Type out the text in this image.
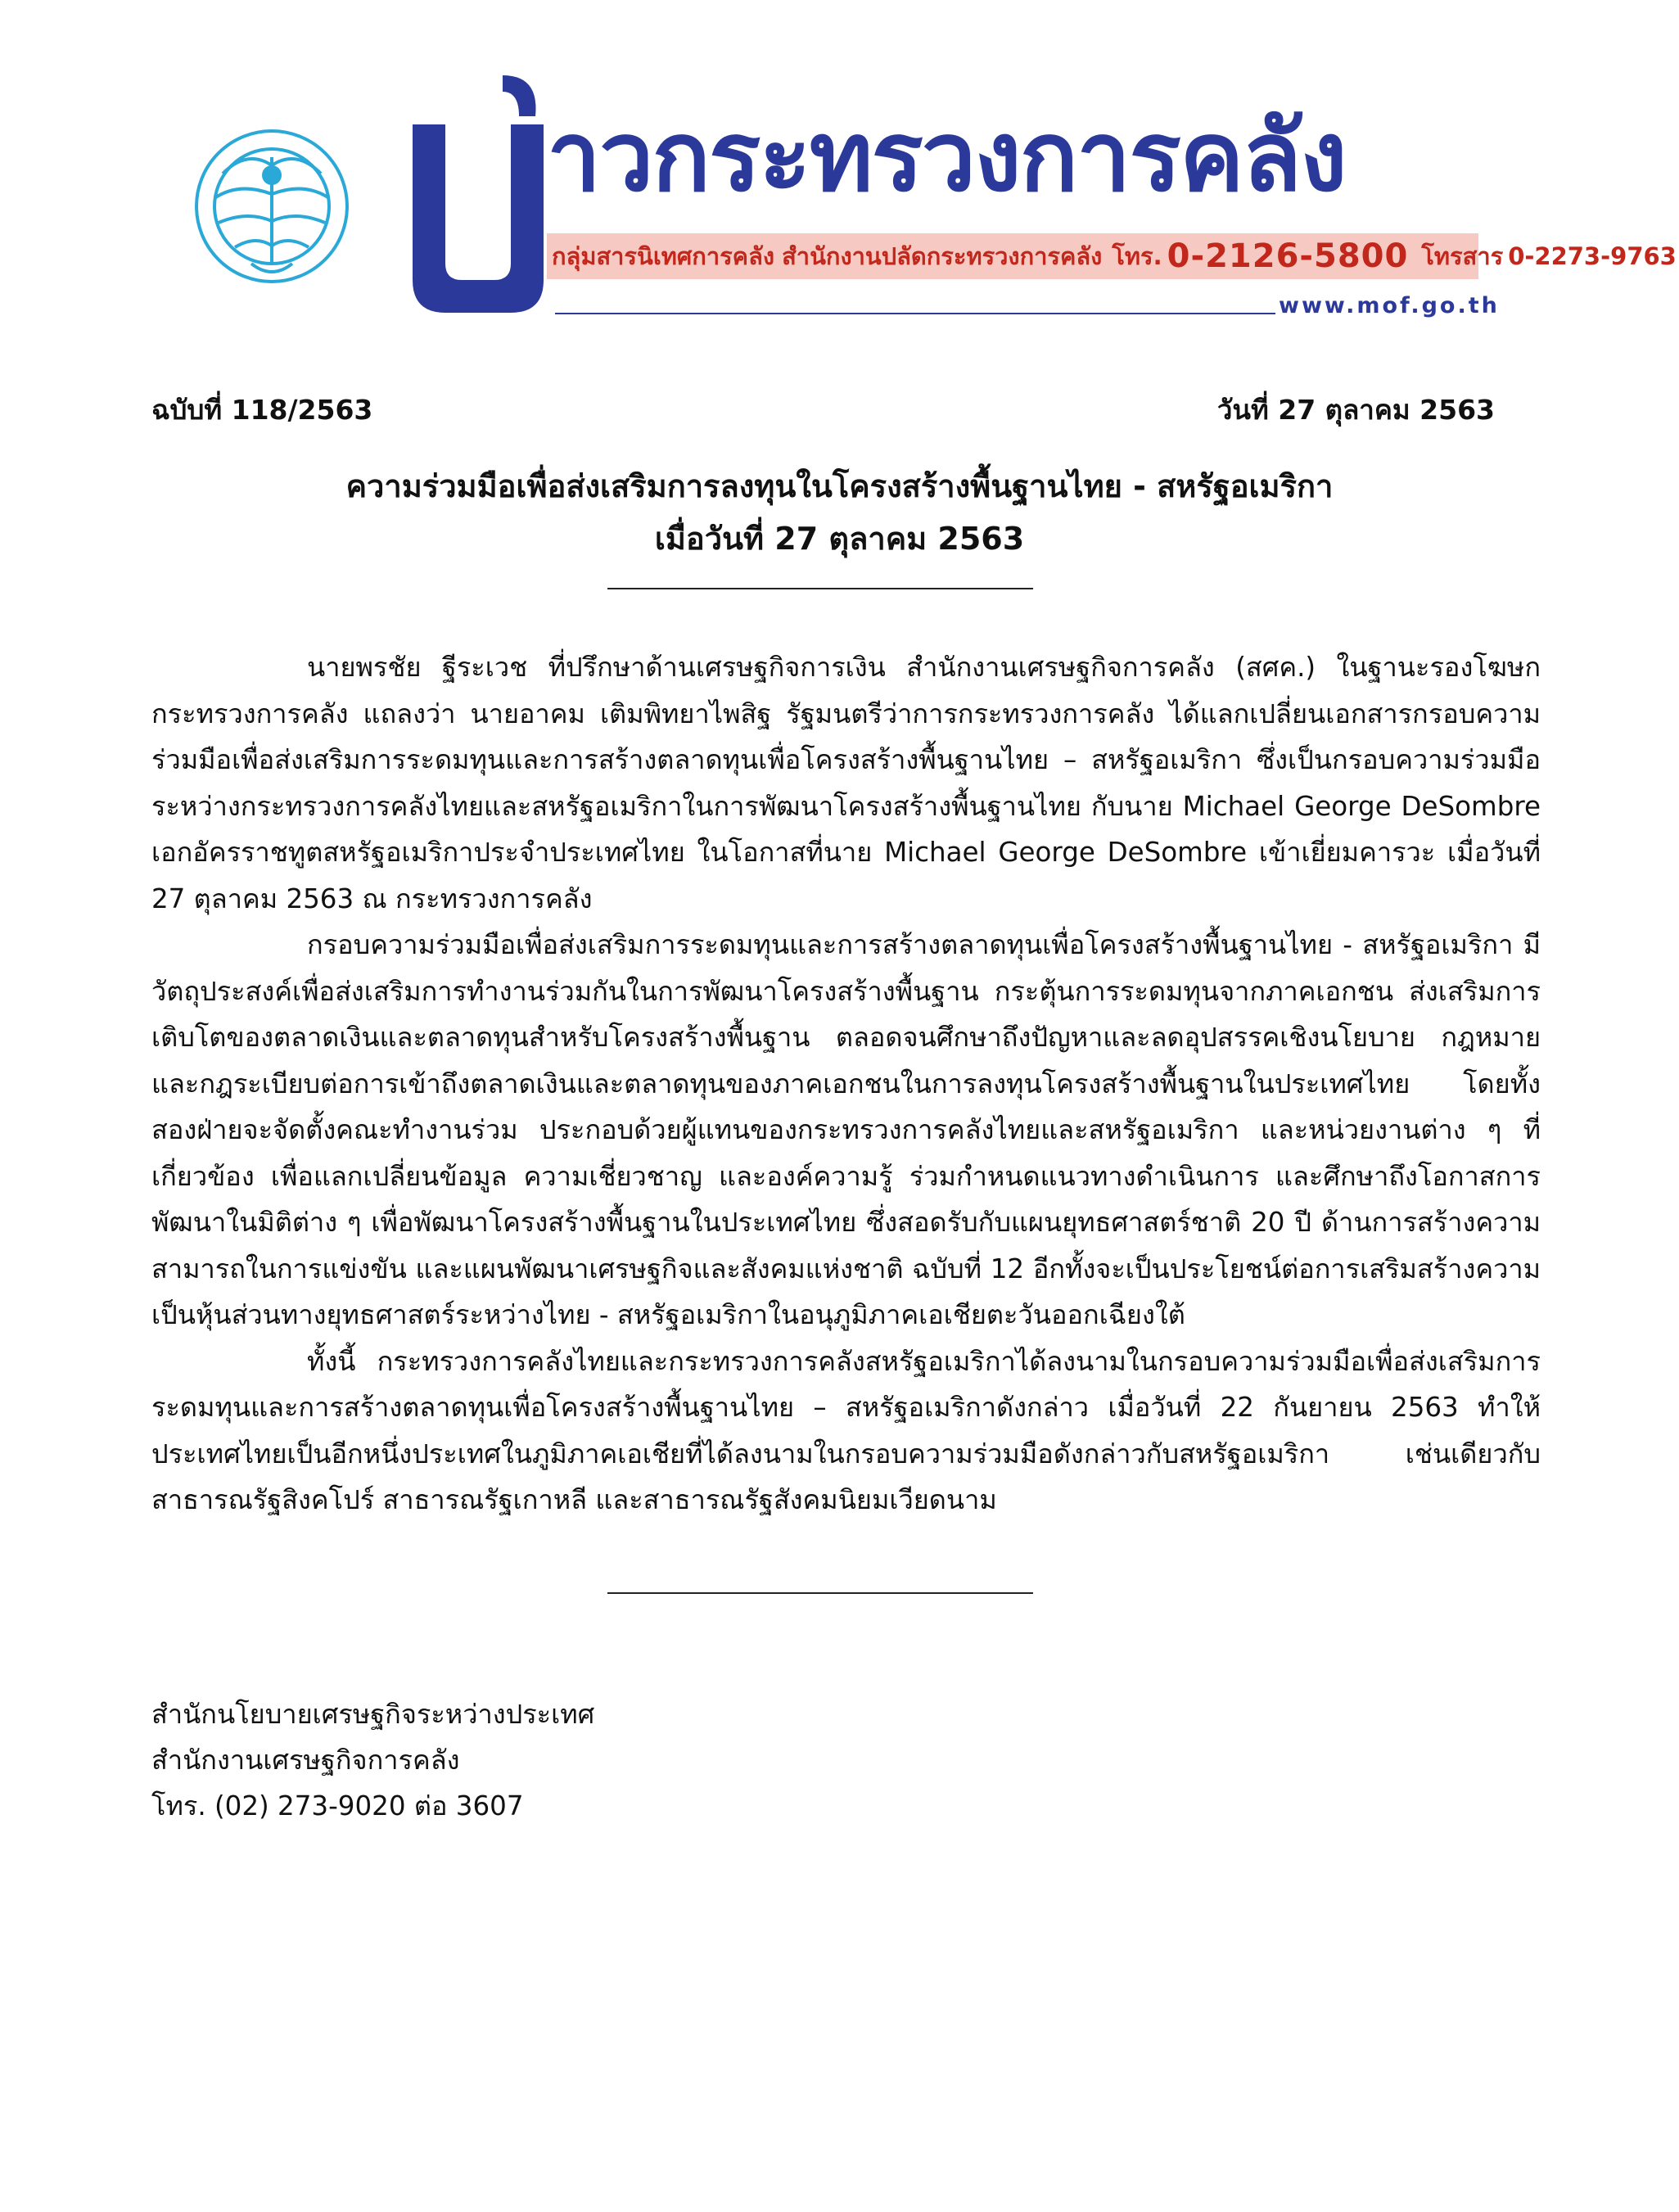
าวกระทรวงการคลัง
กลุ่มสารนิเทศการคลัง สำนักงานปลัดกระทรวงการคลัง โทร. 0-2126-5800 โทรสาร 0-2273-9763
www.mof.go.th
ฉบับที่ 118/2563	วันที่ 27 ตุลาคม 2563
ความร่วมมือเพื่อส่งเสริมการลงทุนในโครงสร้างพื้นฐานไทย - สหรัฐอเมริกา
เมื่อวันที่ 27 ตุลาคม 2563

นายพรชัย ฐีระเวช ที่ปรึกษาด้านเศรษฐกิจการเงิน สำนักงานเศรษฐกิจการคลัง (สศค.) ในฐานะรองโฆษกกระทรวงการคลัง แถลงว่า นายอาคม เติมพิทยาไพสิฐ รัฐมนตรีว่าการกระทรวงการคลัง ได้แลกเปลี่ยนเอกสารกรอบความร่วมมือเพื่อส่งเสริมการระดมทุนและการสร้างตลาดทุนเพื่อโครงสร้างพื้นฐานไทย – สหรัฐอเมริกา ซึ่งเป็นกรอบความร่วมมือระหว่างกระทรวงการคลังไทยและสหรัฐอเมริกาในการพัฒนาโครงสร้างพื้นฐานไทย กับนาย Michael George DeSombre เอกอัครราชทูตสหรัฐอเมริกาประจำประเทศไทย ในโอกาสที่นาย Michael George DeSombre เข้าเยี่ยมคารวะ เมื่อวันที่ 27 ตุลาคม 2563 ณ กระทรวงการคลัง

กรอบความร่วมมือเพื่อส่งเสริมการระดมทุนและการสร้างตลาดทุนเพื่อโครงสร้างพื้นฐานไทย - สหรัฐอเมริกา มีวัตถุประสงค์เพื่อส่งเสริมการทำงานร่วมกันในการพัฒนาโครงสร้างพื้นฐาน กระตุ้นการระดมทุนจากภาคเอกชน ส่งเสริมการเติบโตของตลาดเงินและตลาดทุนสำหรับโครงสร้างพื้นฐาน ตลอดจนศึกษาถึงปัญหาและลดอุปสรรคเชิงนโยบาย กฎหมาย และกฎระเบียบต่อการเข้าถึงตลาดเงินและตลาดทุนของภาคเอกชนในการลงทุนโครงสร้างพื้นฐานในประเทศไทย โดยทั้งสองฝ่ายจะจัดตั้งคณะทำงานร่วม ประกอบด้วยผู้แทนของกระทรวงการคลังไทยและสหรัฐอเมริกา และหน่วยงานต่าง ๆ ที่เกี่ยวข้อง เพื่อแลกเปลี่ยนข้อมูล ความเชี่ยวชาญ และองค์ความรู้ ร่วมกำหนดแนวทางดำเนินการ และศึกษาถึงโอกาสการพัฒนาในมิติต่าง ๆ เพื่อพัฒนาโครงสร้างพื้นฐานในประเทศไทย ซึ่งสอดรับกับแผนยุทธศาสตร์ชาติ 20 ปี ด้านการสร้างความสามารถในการแข่งขัน และแผนพัฒนาเศรษฐกิจและสังคมแห่งชาติ ฉบับที่ 12 อีกทั้งจะเป็นประโยชน์ต่อการเสริมสร้างความเป็นหุ้นส่วนทางยุทธศาสตร์ระหว่างไทย - สหรัฐอเมริกาในอนุภูมิภาคเอเชียตะวันออกเฉียงใต้

ทั้งนี้ กระทรวงการคลังไทยและกระทรวงการคลังสหรัฐอเมริกาได้ลงนามในกรอบความร่วมมือเพื่อส่งเสริมการระดมทุนและการสร้างตลาดทุนเพื่อโครงสร้างพื้นฐานไทย – สหรัฐอเมริกาดังกล่าว เมื่อวันที่ 22 กันยายน 2563 ทำให้ประเทศไทยเป็นอีกหนึ่งประเทศในภูมิภาคเอเชียที่ได้ลงนามในกรอบความร่วมมือดังกล่าวกับสหรัฐอเมริกา เช่นเดียวกับสาธารณรัฐสิงคโปร์ สาธารณรัฐเกาหลี และสาธารณรัฐสังคมนิยมเวียดนาม

สำนักนโยบายเศรษฐกิจระหว่างประเทศ
สำนักงานเศรษฐกิจการคลัง
โทร. (02) 273-9020 ต่อ 3607
